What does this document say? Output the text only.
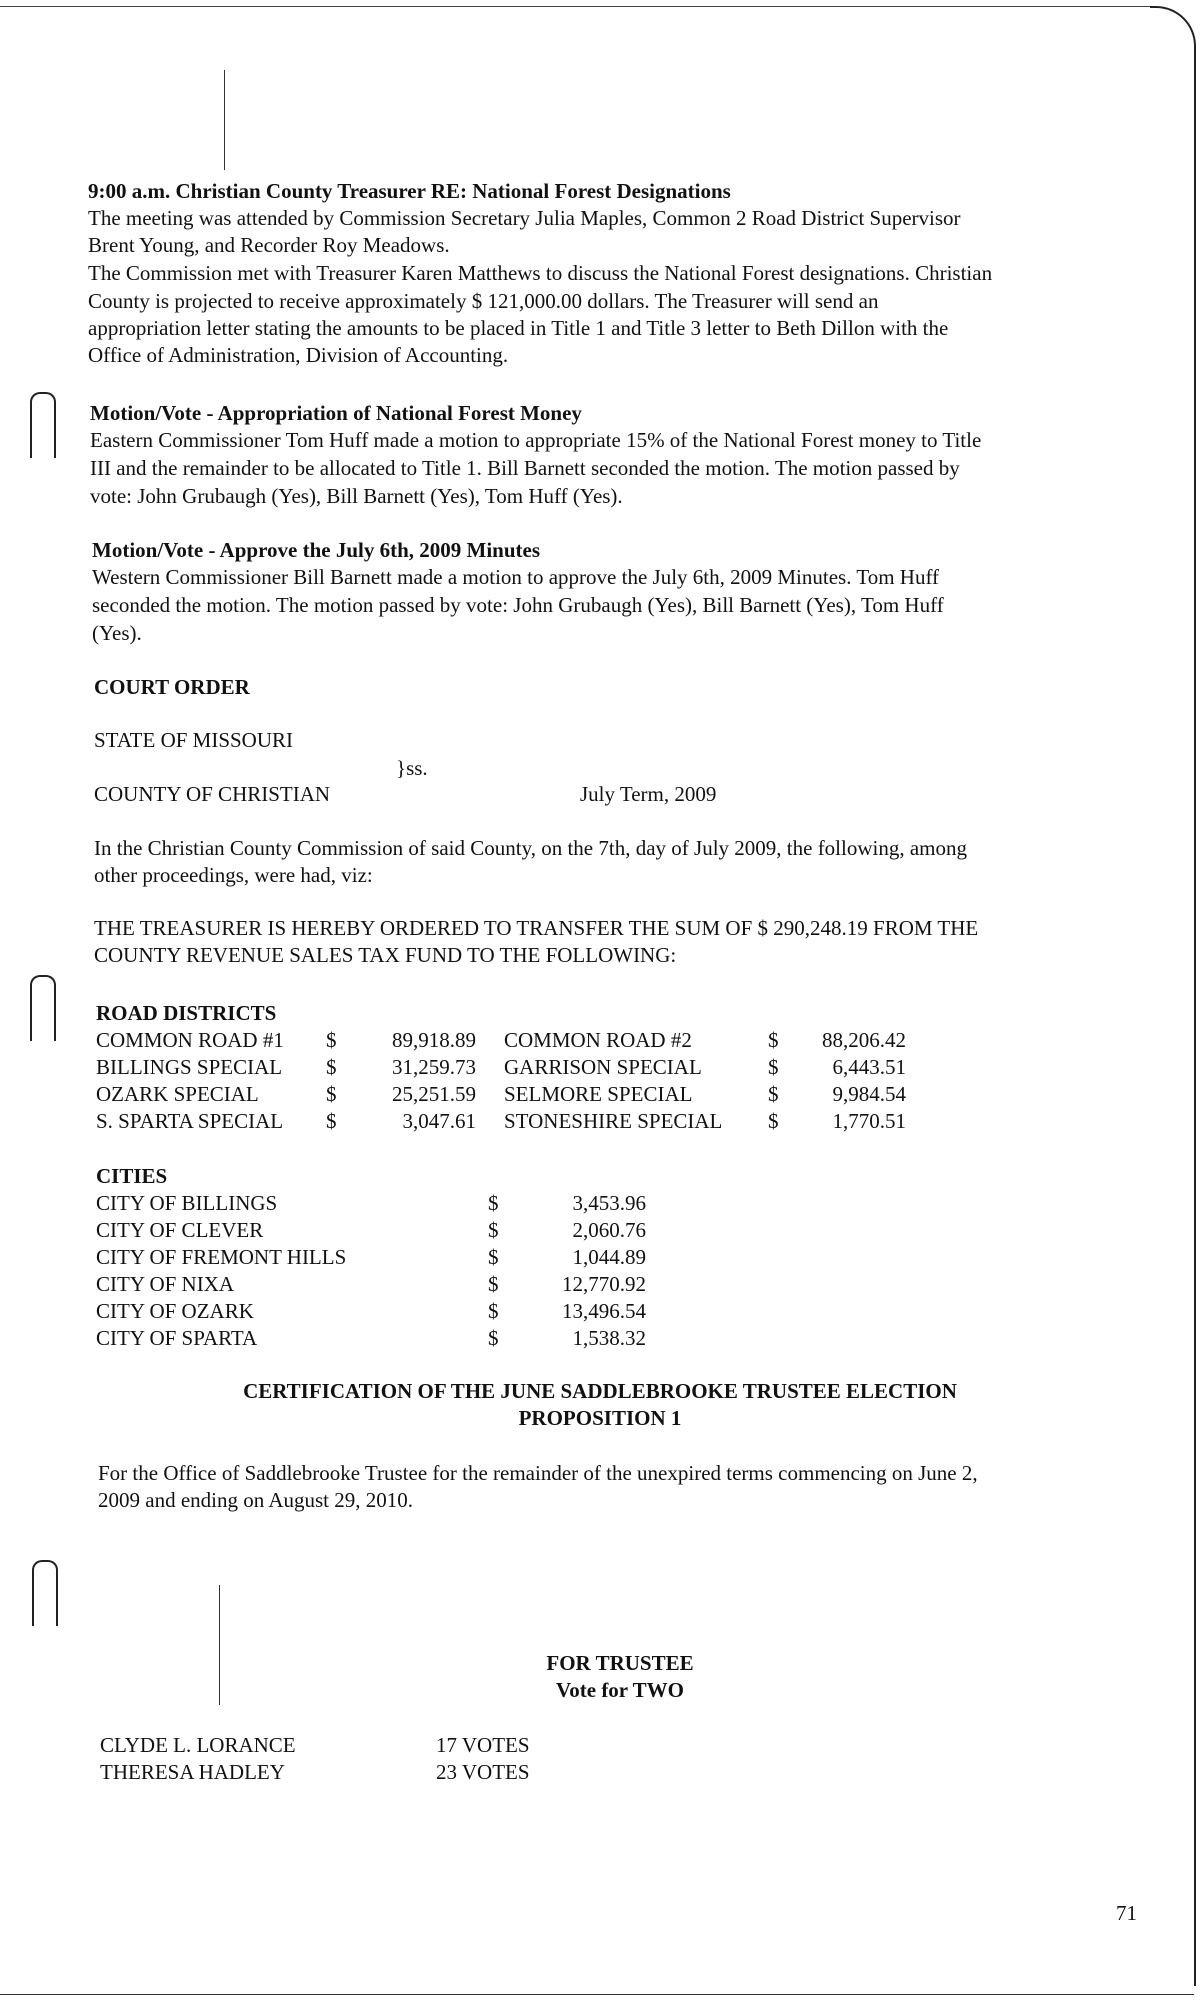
9:00 a.m. Christian County Treasurer RE: National Forest Designations
The meeting was attended by Commission Secretary Julia Maples, Common 2 Road District Supervisor
Brent Young, and Recorder Roy Meadows.
The Commission met with Treasurer Karen Matthews to discuss the National Forest designations. Christian
County is projected to receive approximately $ 121,000.00 dollars. The Treasurer will send an
appropriation letter stating the amounts to be placed in Title 1 and Title 3 letter to Beth Dillon with the
Office of Administration, Division of Accounting.
Motion/Vote - Appropriation of National Forest Money
Eastern Commissioner Tom Huff made a motion to appropriate 15% of the National Forest money to Title
III and the remainder to be allocated to Title 1. Bill Barnett seconded the motion. The motion passed by
vote: John Grubaugh (Yes), Bill Barnett (Yes), Tom Huff (Yes).
Motion/Vote - Approve the July 6th, 2009 Minutes
Western Commissioner Bill Barnett made a motion to approve the July 6th, 2009 Minutes. Tom Huff
seconded the motion. The motion passed by vote: John Grubaugh (Yes), Bill Barnett (Yes), Tom Huff
(Yes).
COURT ORDER
STATE OF MISSOURI
}ss.
COUNTY OF CHRISTIAN	July Term, 2009
In the Christian County Commission of said County, on the 7th, day of July 2009, the following, among
other proceedings, were had, viz:
THE TREASURER IS HEREBY ORDERED TO TRANSFER THE SUM OF $ 290,248.19 FROM THE
COUNTY REVENUE SALES TAX FUND TO THE FOLLOWING:
ROAD DISTRICTS
COMMON ROAD #1 $	89,918.89 COMMON ROAD #2	$	88,206.42
BILLINGS SPECIAL $	31,259.73 GARRISON SPECIAL	$	6,443.51
OZARK SPECIAL	$	25,251.59 SELMORE SPECIAL	$	9,984.54
S. SPARTA SPECIAL $	3,047.61 STONESHIRE SPECIAL $	1,770.51
CITIES
CITY OF BILLINGS	$	3,453.96
CITY OF CLEVER	$	2,060.76
CITY OF FREMONT HILLS	$	1,044.89
CITY OF NIXA	$	12,770.92
CITY OF OZARK	$	13,496.54
CITY OF SPARTA	$	1,538.32
CERTIFICATION OF THE JUNE SADDLEBROOKE TRUSTEE ELECTION
PROPOSITION 1
For the Office of Saddlebrooke Trustee for the remainder of the unexpired terms commencing on June 2,
2009 and ending on August 29, 2010.
FOR TRUSTEE
Vote for TWO
CLYDE L. LORANCE	17 VOTES
THERESA HADLEY	23 VOTES
71
